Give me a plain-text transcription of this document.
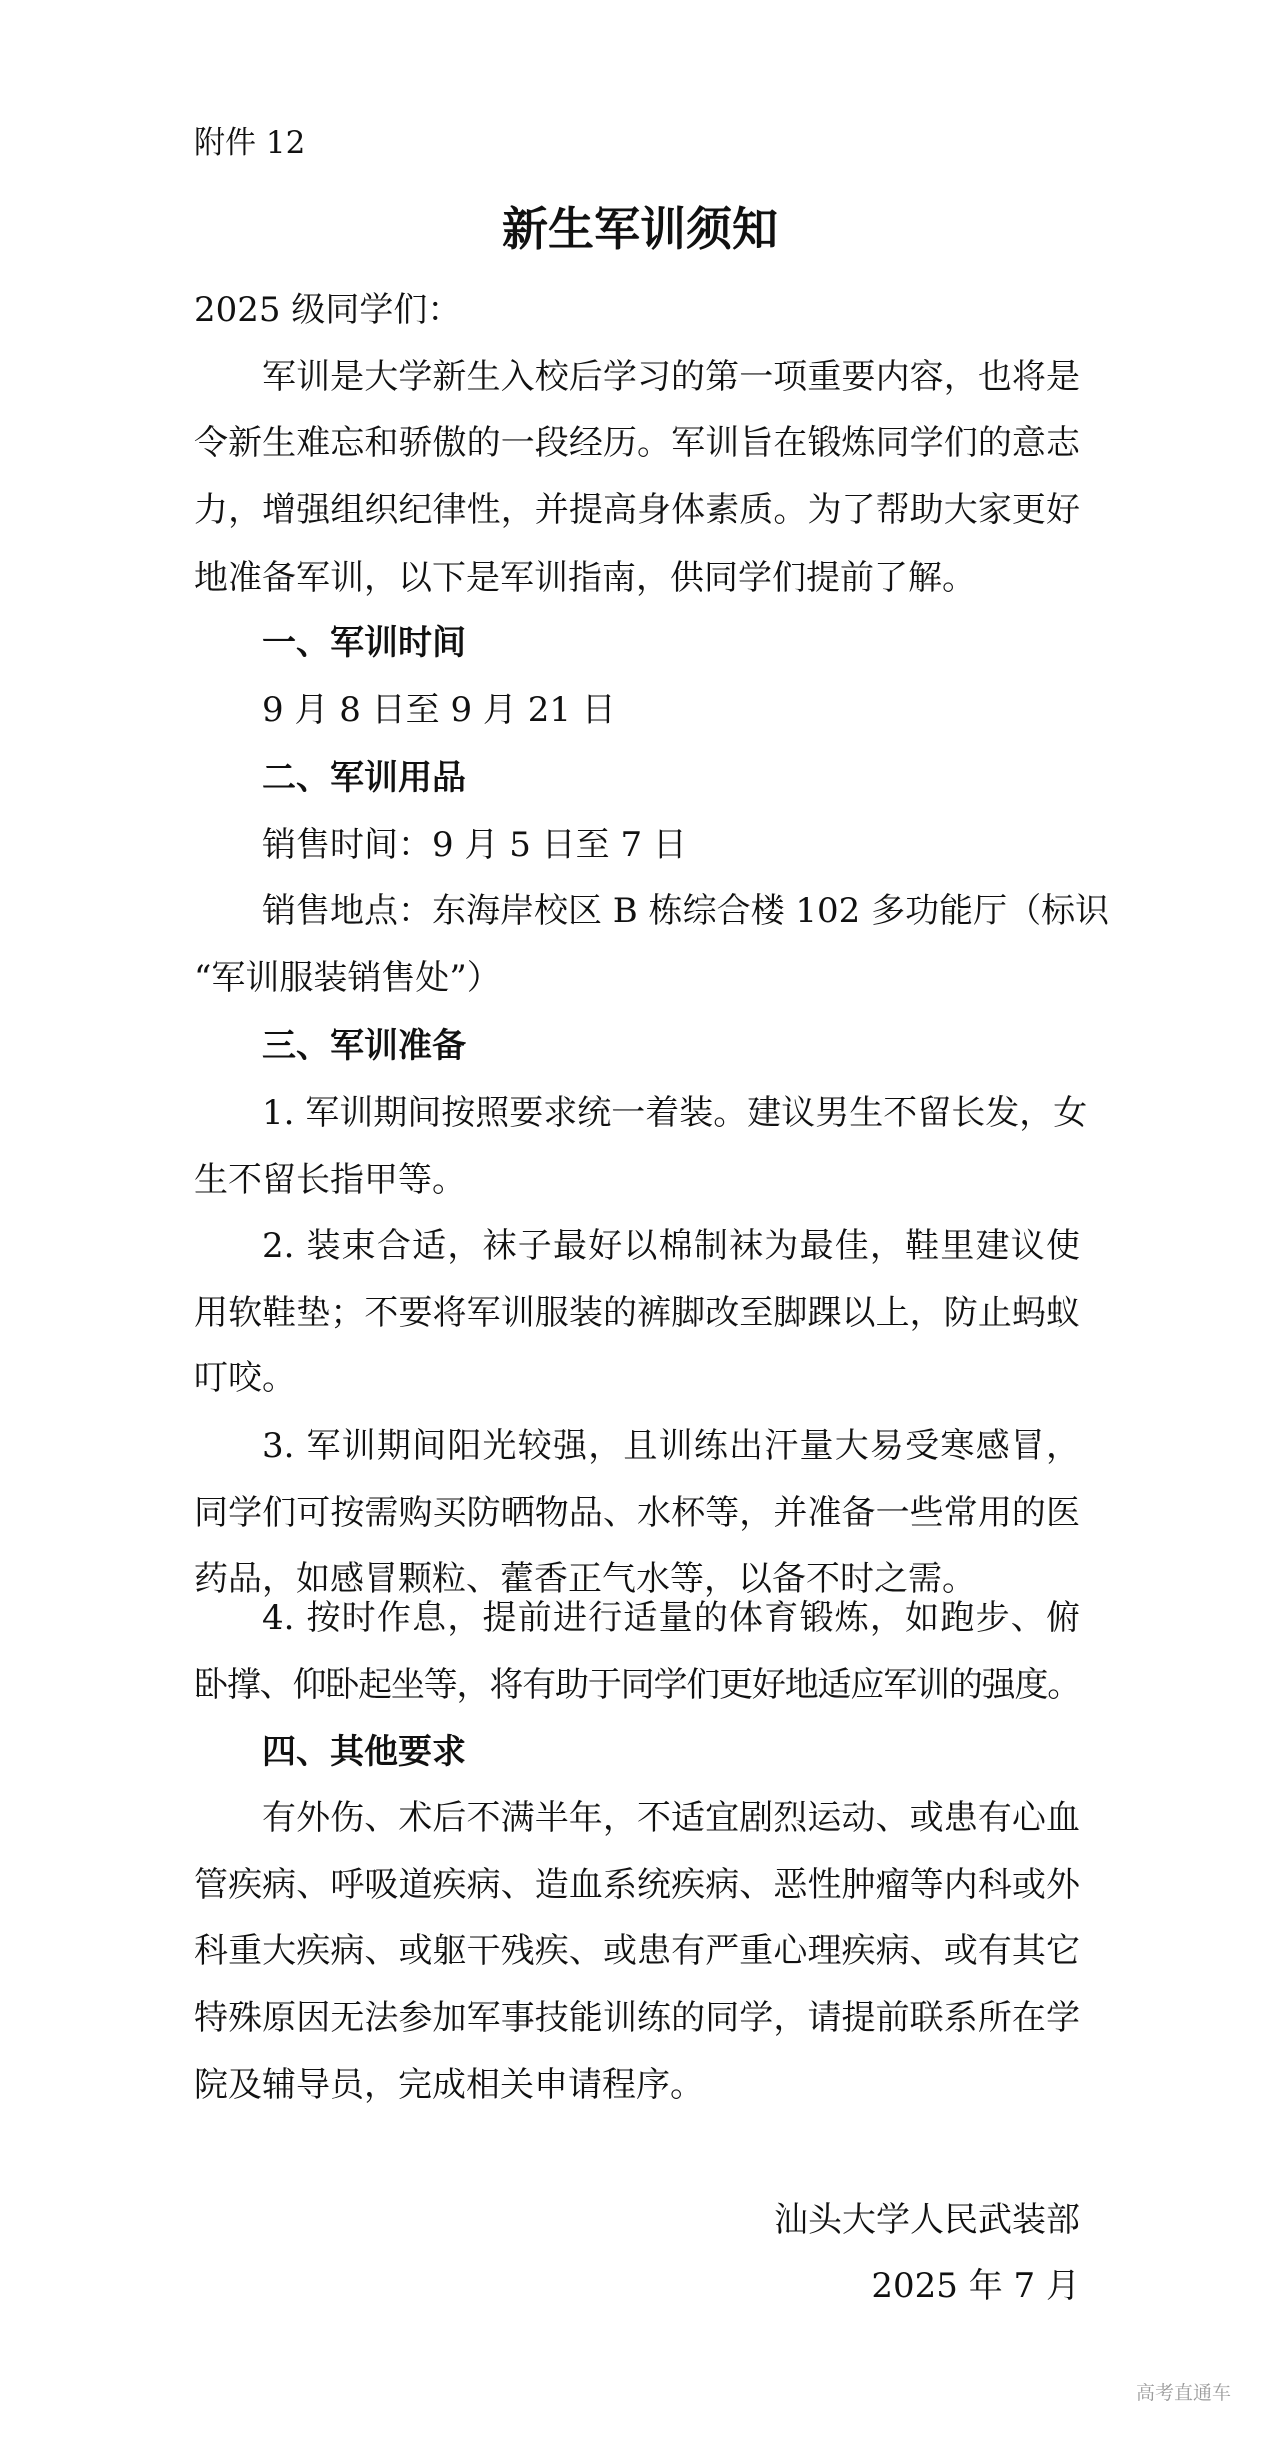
附件 12
新生军训须知
2025 级同学们：
军训是大学新生入校后学习的第一项重要内容，也将是
令新生难忘和骄傲的一段经历。军训旨在锻炼同学们的意志
力，增强组织纪律性，并提高身体素质。为了帮助大家更好
地准备军训，以下是军训指南，供同学们提前了解。
一、军训时间
9 月 8 日至 9 月 21 日
二、军训用品
销售时间：9 月 5 日至 7 日
销售地点：东海岸校区 B 栋综合楼 102 多功能厅（标识
“军训服装销售处”）
三、军训准备
1. 军训期间按照要求统一着装。建议男生不留长发，女
生不留长指甲等。
2. 装束合适，袜子最好以棉制袜为最佳，鞋里建议使
用软鞋垫；不要将军训服装的裤脚改至脚踝以上，防止蚂蚁
叮咬。
3. 军训期间阳光较强，且训练出汗量大易受寒感冒，
同学们可按需购买防晒物品、水杯等，并准备一些常用的医
药品，如感冒颗粒、藿香正气水等，以备不时之需。
4. 按时作息，提前进行适量的体育锻炼，如跑步、俯
卧撑、仰卧起坐等，将有助于同学们更好地适应军训的强度。
四、其他要求
有外伤、术后不满半年，不适宜剧烈运动、或患有心血
管疾病、呼吸道疾病、造血系统疾病、恶性肿瘤等内科或外
科重大疾病、或躯干残疾、或患有严重心理疾病、或有其它
特殊原因无法参加军事技能训练的同学，请提前联系所在学
院及辅导员，完成相关申请程序。
汕头大学人民武装部
2025 年 7 月
高考直通车
